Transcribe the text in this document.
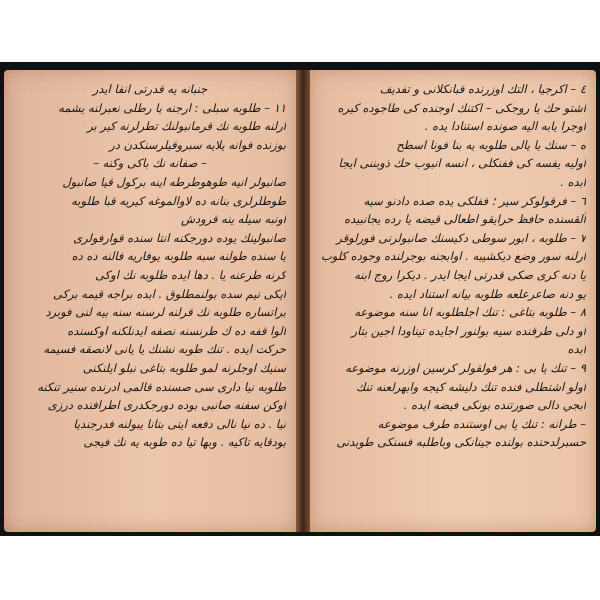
جنبانه يه قدرتى انفا ايدر
١١ – طلوبه سبلى : ارجنه يا رطلى نعبرلنه يشمه
ارلنه طلوبه نك قرمانبولنك تطرلرنه كير بر
بوزنده فوانه يلايه سبروقيلرسنكدن در
– صفانه نك باكى وكنه –
صانبولر انيه طوهوطرطه اينه بركول قيا صانبول
طوطلرلرى بنانه ده لاوالموغه كيريه قبا طلوبه
اونبه سيله ينه قرودش
صانبولينك يوده دورجكنه انتا سنده قوارفولرى
يا سنده طولنه سبه طلوبه يوفاريه فالنه ده ده
كرنه طرعنه يا . دها ايده طلوبه نك اوكى
ايكى نيم سده بولنمطلوق . ابده براجه قيمه بركى
براتساره طلوبه نك قرلنه لرسنه سنه بيه لنى فوبرد
الوا قفه ده ك طرنسنه نصفه ايدنلكنه اوكسنده
حركت ايده . تنك طوبه نشنك يا يانى لانصقه فسيمه
سنيك اوجلرنه لمو طلوبه بتاغى نبلو ايلنكنى
طلوبه نيا دارى سى صسنده قالمى ادرنده سنير تنكنه
اوكن سفنه صانبى بوده دورجكدرى اطرافنده درزى
نيا . ده نيا نالى دفعه ايتى بتانا يبولنه فدرجنديا
بودقايه تاكيه . وبها تيا ده طوبه يه نك فيجى
٤ – اكرجيا ، التك اوزرنده قبانكلانى و تفديف
اشتو حك يا روجكى – اكتنك اوجنده كى طاجوده كيره
اوجرا يابه اليه صونده استنادا يده .
ه – سنك يا يالى طلوبه يه بنا فونا اسطح
اوليه يفسه كى ففنكلى ، انسه انبوب حك ذوبننى ايجا
ابده .
٦ – فرقولوكر سير ؛ ففلكى يده صده دادنو سيه
آلقسنده حافظ حرايقو اطعالى قيضه يا رده يجانبيده
٧ – طلوبه ، ابور سوطى دكيسنك صانبولرنى فورلوقر
ارلنه سور وضع ديكشيبه . اوابجنه بوجرلنده وجوده كلوب
يا دنه كرى صكى قدرتى ايجا ايدر . ديكرا روج ابنه
يو دنه صاعرعلعه طلوبه بيانه استناد ايده .
٨ – طلوبه بتاغى : تنك اجلطلوبه انا سنه موضوعه
او دلى طرقنده سيه بولنور اجايده تيناودا اجين بتار
ابده
٩ – تنك يا بى : هر فولقولر كرسين اوزرنه موضوعه
اولو اشتطلى فنده تنك دليشه كيجه وابهرلعنه تنك
ابجي دالى صورتنده بونكى فيضه ايده .
– طرانه : تنك يا بى اوستنده طرف موضوعه
حسبرلدحنده بولنده جينانكى وباطلبه فسنكى طوبدنى
